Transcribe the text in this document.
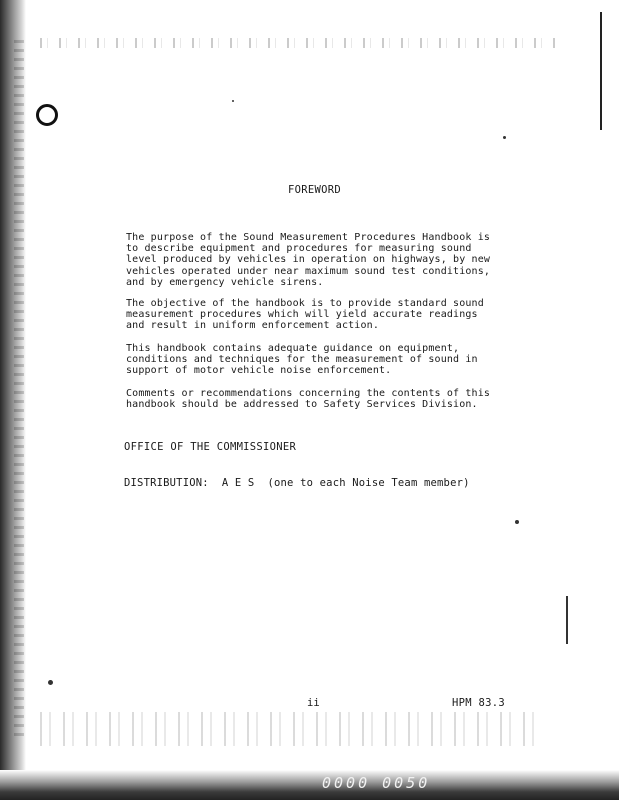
FOREWORD
The purpose of the Sound Measurement Procedures Handbook is
to describe equipment and procedures for measuring sound
level produced by vehicles in operation on highways, by new
vehicles operated under near maximum sound test conditions,
and by emergency vehicle sirens.
The objective of the handbook is to provide standard sound
measurement procedures which will yield accurate readings
and result in uniform enforcement action.
This handbook contains adequate guidance on equipment,
conditions and techniques for the measurement of sound in
support of motor vehicle noise enforcement.
Comments or recommendations concerning the contents of this
handbook should be addressed to Safety Services Division.
OFFICE OF THE COMMISSIONER
DISTRIBUTION:  A E S  (one to each Noise Team member)
ii	HPM 83.3
0000 0050
